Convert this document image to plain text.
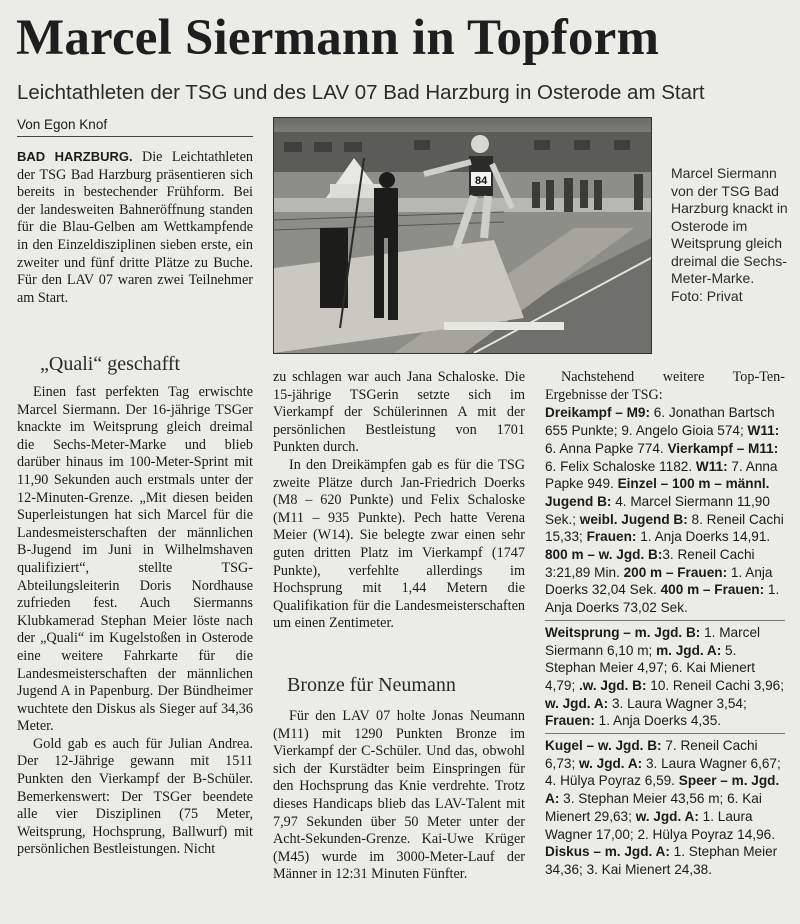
Marcel Siermann in Topform
Leichtathleten der TSG und des LAV 07 Bad Harzburg in Osterode am Start
Von Egon Knof
BAD HARZBURG. Die Leichtathleten der TSG Bad Harzburg präsentieren sich bereits in bestechender Frühform. Bei der landesweiten Bahneröffnung standen für die Blau-Gelben am Wettkampfende in den Einzeldisziplinen sieben erste, ein zweiter und fünf dritte Plätze zu Buche. Für den LAV 07 waren zwei Teilnehmer am Start.
84	Marcel Siermann von der TSG Bad Harzburg knackt in Osterode im Weitsprung gleich dreimal die Sechs-Meter-Marke. Foto: Privat
„Quali“ geschafft

Einen fast perfekten Tag erwischte Marcel Siermann. Der 16-jährige TSGer knackte im Weitsprung gleich dreimal die Sechs-Meter-Marke und blieb darüber hinaus im 100-Meter-Sprint mit 11,90 Sekunden auch erstmals unter der 12-Minuten-Grenze. „Mit diesen beiden Superleistungen hat sich Marcel für die Landesmeisterschaften der männlichen B-Jugend im Juni in Wilhelmshaven qualifiziert“, stellte TSG-Abteilungsleiterin Doris Nordhause zufrieden fest. Auch Siermanns Klubkamerad Stephan Meier löste nach der „Quali“ im Kugelstoßen in Osterode eine weitere Fahrkarte für die Landesmeisterschaften der männlichen Jugend A in Papenburg. Der Bündheimer wuchtete den Diskus als Sieger auf 34,36 Meter.

Gold gab es auch für Julian Andrea. Der 12-Jährige gewann mit 1511 Punkten den Vierkampf der B-Schüler. Bemerkenswert: Der TSGer beendete alle vier Disziplinen (75 Meter, Weitsprung, Hochsprung, Ballwurf) mit persönlichen Bestleistungen. Nicht

zu schlagen war auch Jana Schaloske. Die 15-jährige TSGerin setzte sich im Vierkampf der Schülerinnen A mit der persönlichen Bestleistung von 1701 Punkten durch.

In den Dreikämpfen gab es für die TSG zweite Plätze durch Jan-Friedrich Doerks (M8 – 620 Punkte) und Felix Schaloske (M11 – 935 Punkte). Pech hatte Verena Meier (W14). Sie belegte zwar einen sehr guten dritten Platz im Vierkampf (1747 Punkte), verfehlte allerdings im Hochsprung mit 1,44 Metern die Qualifikation für die Landesmeisterschaften um einen Zentimeter.

Bronze für Neumann

Für den LAV 07 holte Jonas Neumann (M11) mit 1290 Punkten Bronze im Vierkampf der C-Schüler. Und das, obwohl sich der Kurstädter beim Einspringen für den Hochsprung das Knie verdrehte. Trotz dieses Handicaps blieb das LAV-Talent mit 7,97 Sekunden über 50 Meter unter der Acht-Sekunden-Grenze. Kai-Uwe Krüger (M45) wurde im 3000-Meter-Lauf der Männer in 12:31 Minuten Fünfter.

Nachstehend weitere Top-Ten-Ergebnisse der TSG:

Dreikampf – M9: 6. Jonathan Bartsch 655 Punkte; 9. Angelo Gioia 574; W11: 6. Anna Papke 774. Vierkampf – M11: 6. Felix Schaloske 1182. W11: 7. Anna Papke 949. Einzel – 100 m – männl. Jugend B: 4. Marcel Siermann 11,90 Sek.; weibl. Jugend B: 8. Reneil Cachi 15,33; Frauen: 1. Anja Doerks 14,91. 800 m – w. Jgd. B:3. Reneil Cachi 3:21,89 Min. 200 m – Frauen: 1. Anja Doerks 32,04 Sek. 400 m – Frauen: 1. Anja Doerks 73,02 Sek.

Weitsprung – m. Jgd. B: 1. Marcel Siermann 6,10 m; m. Jgd. A: 5. Stephan Meier 4,97; 6. Kai Mienert 4,79; .w. Jgd. B: 10. Reneil Cachi 3,96; w. Jgd. A: 3. Laura Wagner 3,54; Frauen: 1. Anja Doerks 4,35.

Kugel – w. Jgd. B: 7. Reneil Cachi 6,73; w. Jgd. A: 3. Laura Wagner 6,67; 4. Hülya Poyraz 6,59. Speer – m. Jgd. A: 3. Stephan Meier 43,56 m; 6. Kai Mienert 29,63; w. Jgd. A: 1. Laura Wagner 17,00; 2. Hülya Poyraz 14,96. Diskus – m. Jgd. A: 1. Stephan Meier 34,36; 3. Kai Mienert 24,38.
